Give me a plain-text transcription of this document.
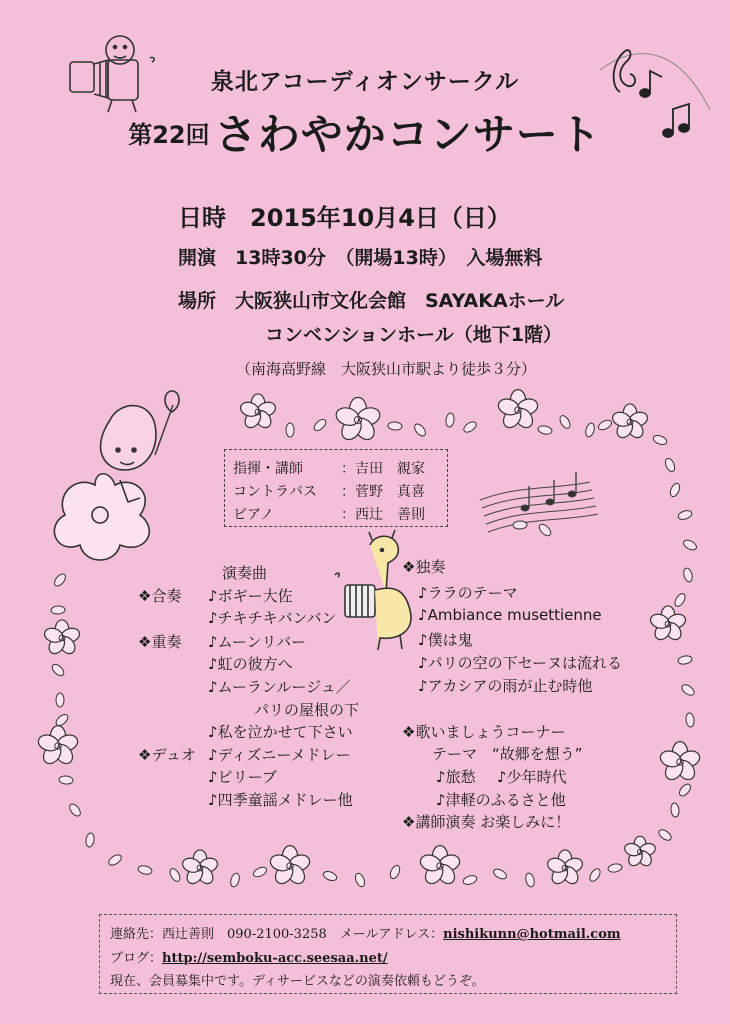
泉北アコーディオンサークル
第22回 さわやかコンサート
日時　2015年10月4日（日）
開演　13時30分　（開場13時）　入場無料
場所　大阪狭山市文化会館　SAYAKAホール
コンベンションホール（地下1階）
（南海高野線　大阪狭山市駅より徒歩３分）
指揮・講師	：吉田　親家
コントラバス ：菅野　真喜
ピアノ	：西辻　善則
演奏曲
❖合奏 ♪ボギー大佐
♪チキチキバンバン
❖重奏 ♪ムーンリバー
♪虹の彼方へ
♪ムーランルージュ／
パリの屋根の下
♪私を泣かせて下さい
❖デュオ ♪ディズニーメドレー
♪ビリーブ
♪四季童謡メドレー他
❖独奏
♪ララのテーマ
♪Ambiance musettienne
♪僕は鬼
♪パリの空の下セーヌは流れる
♪アカシアの雨が止む時他
❖歌いましょうコーナー
テーマ　“故郷を想う”
♪旅愁 ♪少年時代
♪津軽のふるさと他
❖講師演奏 お楽しみに！
連絡先：西辻善則　090-2100-3258　メールアドレス：nishikunn@hotmail.com
ブログ：http://semboku-acc.seesaa.net/
現在、会員募集中です。ディサービスなどの演奏依頼もどうぞ。
